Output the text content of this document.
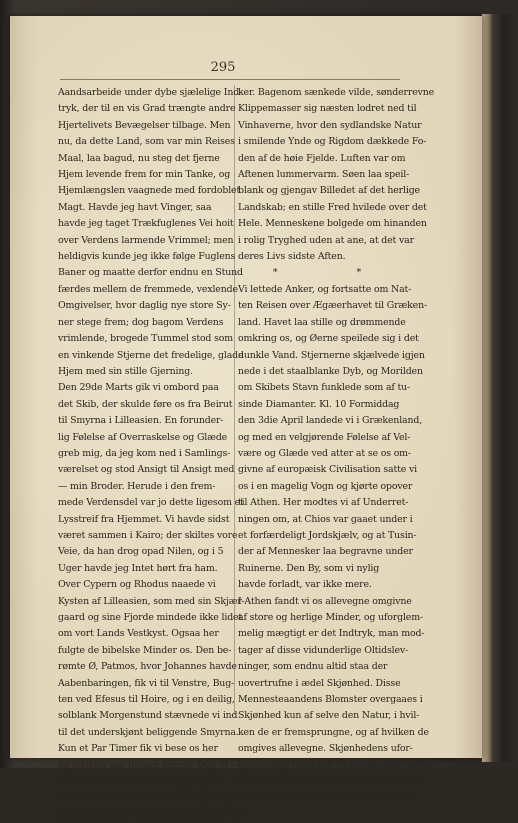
295
Aandsarbeide under dybe sjælelige Ind-
tryk, der til en vis Grad trængte andre
Hjertelivets Bevægelser tilbage. Men
nu, da dette Land, som var min Reises
Maal, laa bagud, nu steg det fjerne
Hjem levende frem for min Tanke, og
Hjemlængslen vaagnede med fordoblet
Magt. Havde jeg havt Vinger, saa
havde jeg taget Trækfuglenes Vei hoit
over Verdens larmende Vrimmel; men
heldigvis kunde jeg ikke følge Fuglens
Baner og maatte derfor endnu en Stund
færdes mellem de fremmede, vexlende
Omgivelser, hvor daglig nye store Sy-
ner stege frem; dog bagom Verdens
vrimlende, brogede Tummel stod som
en vinkende Stjerne det fredelige, glade
Hjem med sin stille Gjerning.
Den 29de Marts gik vi ombord paa
det Skib, der skulde føre os fra Beirut
til Smyrna i Lilleasien. En forunder-
lig Følelse af Overraskelse og Glæde
greb mig, da jeg kom ned i Samlings-
værelset og stod Ansigt til Ansigt med
— min Broder. Herude i den frem-
mede Verdensdel var jo dette ligesom et
Lysstreif fra Hjemmet. Vi havde sidst
været sammen i Kairo; der skiltes vore
Veie, da han drog opad Nilen, og i 5
Uger havde jeg Intet hørt fra ham.
Over Cypern og Rhodus naaede vi
Kysten af Lilleasien, som med sin Skjær-
gaard og sine Fjorde mindede ikke lidet
om vort Lands Vestkyst. Ogsaa her
fulgte de bibelske Minder os. Den be-
rømte Ø, Patmos, hvor Johannes havde
Aabenbaringen, fik vi til Venstre, Bug-
ten ved Efesus til Hoire, og i en deilig,
solblank Morgenstund stævnede vi ind
til det underskjønt beliggende Smyrna.
Kun et Par Timer fik vi bese os her
og forlatte saa Reisen samme Dag til
Chios. Denne Stad, som ligger paa
Den af samme Navn, strakte sig langs
Stranden, omgiven af vaardustende Mar-
ker. Bagenom sænkede vilde, sønderrevne
Klippemasser sig næsten lodret ned til
Vinhaverne, hvor den sydlandske Natur
i smilende Ynde og Rigdom dækkede Fo-
den af de høie Fjelde. Luften var om
Aftenen lummervarm. Søen laa speil-
blank og gjengav Billedet af det herlige
Landskab; en stille Fred hvilede over det
Hele. Menneskene bolgede om hinanden
i rolig Tryghed uden at ane, at det var
deres Livs sidste Aften.
* *
Vi lettede Anker, og fortsatte om Nat-
ten Reisen over Ægæerhavet til Græken-
land. Havet laa stille og drømmende
omkring os, og Øerne speilede sig i det
dunkle Vand. Stjernerne skjælvede igjen
nede i det staalblanke Dyb, og Morilden
om Skibets Stavn funklede som af tu-
sinde Diamanter. Kl. 10 Formiddag
den 3die April landede vi i Grækenland,
og med en velgjørende Følelse af Vel-
være og Glæde ved atter at se os om-
givne af europæisk Civilisation satte vi
os i en magelig Vogn og kjørte opover
til Athen. Her modtes vi af Underret-
ningen om, at Chios var gaaet under i
et forfærdeligt Jordskjælv, og at Tusin-
der af Mennesker laa begravne under
Ruinerne. Den By, som vi nylig
havde forladt, var ikke mere.
I Athen fandt vi os allevegne omgivne
af store og herlige Minder, og uforglem-
melig mægtigt er det Indtryk, man mod-
tager af disse vidunderlige Oltidslev-
ninger, som endnu altid staa der
uovertrufne i ædel Skjønhed. Disse
Mennesteaandens Blomster overgaaes i
Skjønhed kun af selve den Natur, i hvil-
ken de er fremsprungne, og af hvilken de
omgives allevegne. Skjønhedens ufor-
gjængelige Love har Grækeren lært af sit
Lands Natur, i hvilken Han, den eneste
sande Gud, har drysset Draaber af det
